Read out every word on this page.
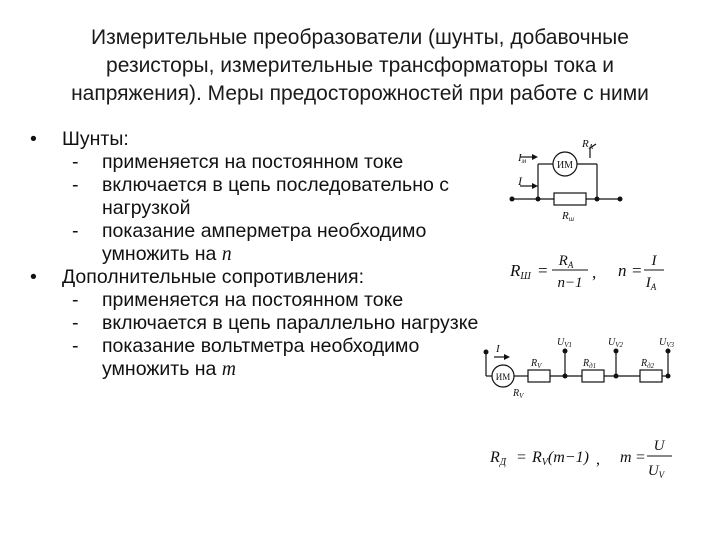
Измерительные преобразователи (шунты, добавочные
резисторы, измерительные трансформаторы тока и
напряжения). Меры предосторожностей при работе с ними
• Шунты:
- применяется на постоянном токе
- включается в цепь последовательно с нагрузкой
- показание амперметра необходимо умножить на n
• Дополнительные сопротивления:
- применяется на постоянном токе
- включается в цепь параллельно нагрузке
- показание вольтметра необходимо умножить на m
ИМ
RA
Iм
I
Rш
RШ = $R_A$
n−1
, n = I
$I_A$
ИМ
I
$R_V$	$R_{д1}$	$R_{д2}$
$R_V$
$U_{V1}$	$U_{V2}$	$U_{V3}$
RД = RV(m−1) , m =
U
$U_V$
